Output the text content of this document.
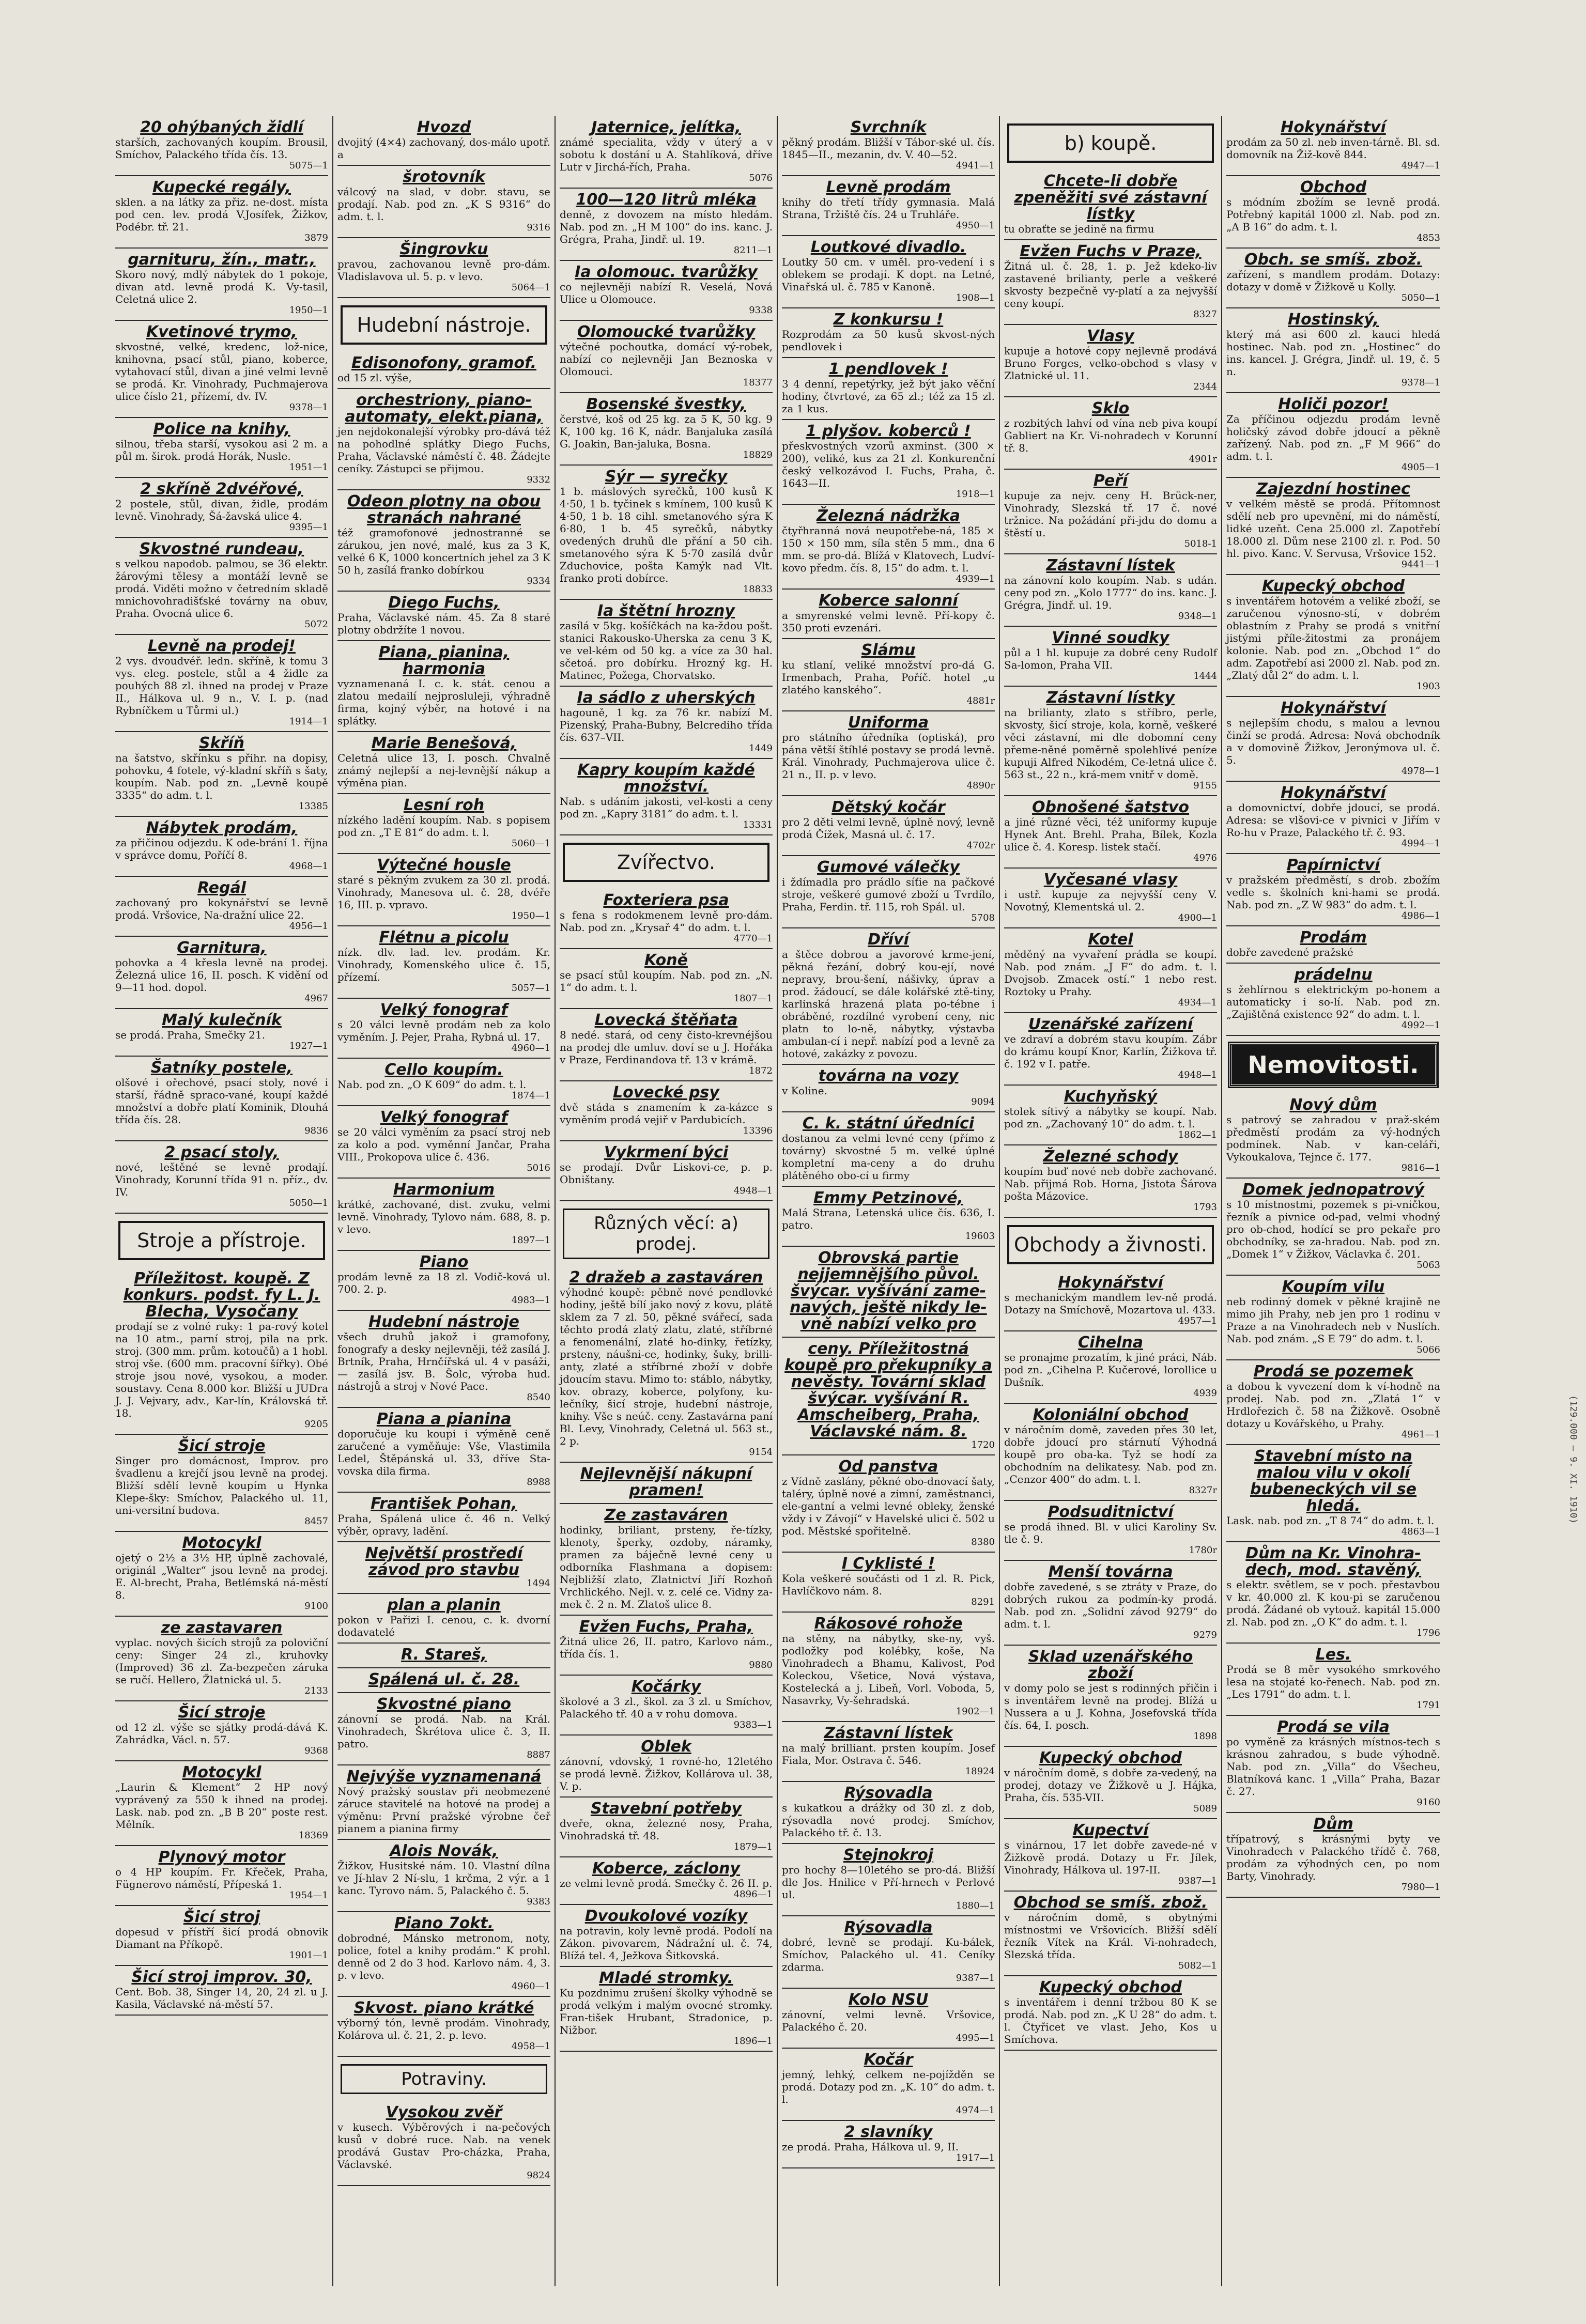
20 ohýbaných židlí
starších, zachovaných koupím. Brousil, Smíchov, Palackého třída čís. 13.
5075—1
Kupecké regály,
sklen. a na látky za přiz. ne-dost. místa pod cen. lev. prodá V.Josífek, Žižkov, Podébr. tř. 21.
3879
garnituru, žín., matr.,
Skoro nový, mdlý nábytek do 1 pokoje, divan atd. levně prodá K. Vy-tasil, Celetná ulice 2.
1950—1
Kvetinové trymo,
skvostné, velké, kredenc, lož-nice, knihovna, psací stůl, piano, koberce, vytahovací stůl, divan a jiné velmi levně se prodá. Kr. Vinohrady, Puchmajerova ulice číslo 21, přízemí, dv. IV.
9378—1
Police na knihy,
silnou, třeba starší, vysokou asi 2 m. a půl m. širok. prodá Horák, Nusle.
1951—1
2 skříně 2dvéřové,
2 postele, stůl, divan, židle, prodám levně. Vinohrady, Šá-žavská ulice 4.
9395—1
Skvostné rundeau,
s velkou napodob. palmou, se 36 elektr. žárovými tělesy a montáží levně se prodá. Viděti možno v četredním skladě mnichovohradišťské továrny na obuv, Praha. Ovocná ulice 6.
5072
Levně na prodej!
2 vys. dvoudvéř. ledn. skříně, k tomu 3 vys. eleg. postele, stůl a 4 židle za pouhých 88 zl. ihned na prodej v Praze II., Hálkova ul. 9 n., V. I. p. (nad Rybníčkem u Tůrmi ul.)
1914—1
Skříň
na šatstvo, skřínku s přihr. na dopisy, pohovku, 4 fotele, vý-kladní skříň s šaty, koupím. Nab. pod zn. „Levně koupě 3335“ do adm. t. l.
13385
Nábytek prodám,
za přičinou odjezdu. K ode-brání 1. října v správce domu, Poříčí 8.
4968—1
Regál
zachovaný pro kokynářství se levně prodá. Vršovice, Na-dražní ulice 22.
4956—1
Garnitura,
pohovka a 4 křesla levně na prodej. Železná ulice 16, II. posch. K vidění od 9—11 hod. dopol.
4967
Malý kulečník
se prodá. Praha, Smečky 21.
1927—1
Šatníky postele,
olšové i ořechové, psací stoly, nové i starší, řádně spraco-vané, koupí každé množství a dobře platí Kominik, Dlouhá třída čís. 28.
9836
2 psací stoly,
nové, leštěné se levně prodají. Vinohrady, Korunní třída 91 n. příz., dv. IV.
5050—1
Stroje a přístroje.
Příležitost. koupě. Z konkurs. podst. fy L. J. Blecha, Vysočany
prodají se z volné ruky: 1 pa-rový kotel na 10 atm., parní stroj, pila na prk. stroj. (300 mm. prům. kotoučů) a 1 hobl. stroj vše. (600 mm. pracovní šířky). Obé stroje jsou nové, vysokou, a moder. soustavy. Cena 8.000 kor. Bližší u JUDra J. J. Vejvary, adv., Kar-lín, Královská tř. 18.
9205
Šicí stroje
Singer pro domácnost, Improv. pro švadlenu a krejčí jsou levně na prodej. Bližší sdělí levně koupím u Hynka Klepe-šky: Smíchov, Palackého ul. 11, uni-versitní budova.
8457
Motocykl
ojetý o 2½ a 3½ HP, úplně zachovalé, originál „Walter“ jsou levně na prodej. E. Al-brecht, Praha, Betlémská ná-městí 8.
9100
ze zastavaren
vyplac. nových šicích strojů za poloviční ceny: Singer 24 zl., kruhovky (Improved) 36 zl. Za-bezpečen záruka se ručí. Hellero, Žlatnická ul. 5.
2133
Šicí stroje
od 12 zl. výše se sjátky prodá-dává K. Zahrádka, Václ. n. 57.
9368
Motocykl
„Laurin & Klement“ 2 HP nový vyprávený za 550 k ihned na prodej. Lask. nab. pod zn. „B B 20“ poste rest. Mělník.
18369
Plynový motor
o 4 HP koupím. Fr. Křeček, Praha, Fügnerovo náměstí, Přípeská 1.
1954—1
Šicí stroj
dopesud v přístří šicí prodá obnovik Diamant na Příkopě.
1901—1
Šicí stroj improv. 30,
Cent. Bob. 38, Singer 14, 20, 24 zl. u J. Kasila, Václavské ná-městí 57.
Hvozd
dvojitý (4×4) zachovaný, dos-málo upotř. a
šrotovník
válcový na slad, v dobr. stavu, se prodají. Nab. pod zn. „K S 9316“ do adm. t. l.
9316
Šingrovku
pravou, zachovanou levně pro-dám. Vladislavova ul. 5. p. v levo.
5064—1
Hudební nástroje.
Edisonofony, gramof.
od 15 zl. výše,
orchestriony, piano-automaty, elekt.piana,
jen nejdokonalejší výrobky pro-dává též na pohodlné splátky Diego Fuchs, Praha, Václavské náměstí č. 48. Žádejte ceníky. Zástupci se přijmou.
9332
Odeon plotny na obou stranách nahrané
též gramofonové jednostranné se zárukou, jen nové, malé, kus za 3 K, velké 6 K, 1000 koncertních jehel za 3 K 50 h, zasílá franko dobírkou
9334
Diego Fuchs,
Praha, Václavské nám. 45. Za 8 staré plotny obdržíte 1 novou.
Piana, pianina, harmonia
vyznamenaná I. c. k. stát. cenou a zlatou medailí nejprosluleji, výhradně firma, kojný výběr, na hotové i na splátky.
Marie Benešová,
Celetná ulice 13, I. posch. Chvalně známý nejlepší a nej-levnější nákup a výměna pian.
Lesní roh
nízkého ladění koupím. Nab. s popisem pod zn. „T E 81“ do adm. t. l.
5060—1
Výtečné housle
staré s pěkným zvukem za 30 zl. prodá. Vinohrady, Manesova ul. č. 28, dvéře 16, III. p. vpravo.
1950—1
Flétnu a picolu
nízk. dlv. lad. lev. prodám. Kr. Vinohrady, Komenského ulice č. 15, přízemí.
5057—1
Velký fonograf
s 20 válci levně prodám neb za kolo vyměním. J. Pejer, Praha, Rybná ul. 17.
4960—1
Cello koupím.
Nab. pod zn. „O K 609“ do adm. t. l.
1874—1
Velký fonograf
se 20 válci vyměním za psací stroj neb za kolo a pod. vyměnní Jančar, Praha VIII., Prokopova ulice č. 436.
5016
Harmonium
krátké, zachované, dist. zvuku, velmi levně. Vinohrady, Tylovo nám. 688, 8. p. v levo.
1897—1
Piano
prodám levně za 18 zl. Vodič-ková ul. 700. 2. p.
4983—1
Hudební nástroje
všech druhů jakož i gramofony, fonografy a desky nejlevněji, též zasílá J. Brtník, Praha, Hrnčířská ul. 4 v pasáži, — zasílá jsv. B. Šolc, výroba hud. nástrojů a stroj v Nové Pace.
8540
Piana a pianina
doporučuje ku koupi i výměně ceně zaručené a vyměňuje: Vše, Vlastimila Ledel, Štěpánská ul. 33, dříve Sta-vovska dila firma.
8988
František Pohan,
Praha, Spálená ulice č. 46 n. Velký výběr, opravy, ladění.
Největší prostředí závod pro stavbu
1494
plan a planin
pokon v Pařizi I. cenou, c. k. dvorní dodavatelé
R. Stareš,
Spálená ul. č. 28.
Skvostné piano
zánovní se prodá. Nab. na Král. Vinohradech, Škrétova ulice č. 3, II. patro.
8887
Nejvýše vyznamenaná
Nový pražský soustav při neobmezené záruce stavitelé na hotové na prodej a výměnu: První pražské výrobne čeř pianem a pianina firmy
Alois Novák,
Žižkov, Husitské nám. 10. Vlastní dílna ve Jí-hlav 2 Ní-slu, 1 krčma, 2 výr. a 1 kanc. Tyrovo nám. 5, Palackého č. 5.
9383
Piano 7okt.
dobrodné, Mánsko metronom, noty, police, fotel a knihy prodám.“ K prohl. denně od 2 do 3 hod. Karlovo nám. 4, 3. p. v levo.
4960—1
Skvost. piano krátké
výborný tón, levně prodám. Vinohrady, Kolárova ul. č. 21, 2. p. levo.
4958—1
Potraviny.
Vysokou zvěř
v kusech. Výběrových i na-pečových kusů v dobré ruce. Nab. na venek prodává Gustav Pro-cházka, Praha, Václavské.
9824
Jaternice, jelítka,
známé specialita, vždy v úterý a v sobotu k dostání u A. Stahlíková, dříve Lutr v Jirchá-řích, Praha.
5076
100—120 litrů mléka
denně, z dovozem na místo hledám. Nab. pod zn. „H M 100“ do ins. kanc. J. Grégra, Praha, Jindř. ul. 19.
8211—1
Ia olomouc. tvarůžky
co nejlevněji nabízí R. Veselá, Nová Ulice u Olomouce.
9338
Olomoucké tvarůžky
výtečné pochoutka, domácí vý-robek, nabízí co nejlevněji Jan Beznoska v Olomouci.
18377
Bosenské švestky,
čerstvé, koš od 25 kg. za 5 K, 50 kg. 9 K, 100 kg. 16 K, nádr. Banjaluka zasílá G. Joakin, Ban-jaluka, Bosna.
18829
Sýr — syrečky
1 b. máslových syrečků, 100 kusů K 4·50, 1 b. tyčinek s kmínem, 100 kusů K 4·50, 1 b. 18 cihl. smetanového sýra K 6·80, 1 b. 45 syrečků, nábytky ovedených druhů dle přání a 50 cih. smetanového sýra K 5·70 zasílá dvůr Zduchovice, pošta Kamýk nad Vlt. franko proti dobírce.
18833
Ia štětní hrozny
zasílá v 5kg. košíčkách na ka-ždou pošt. stanici Rakousko-Uherska za cenu 3 K, ve vel-kém od 50 kg. a více za 30 hal. sčetoá. pro dobírku. Hrozný kg. H. Matinec, Požega, Chorvatsko.
Ia sádlo z uherských
hagouně, 1 kg. za 76 kr. nabízí M. Pizenský, Praha-Bubny, Belcrediho třída čís. 637–VII.
1449
Kapry koupím každé množství.
Nab. s udáním jakosti, vel-kosti a ceny pod zn. „Kapry 3181“ do adm. t. l.
13331
Zvířectvo.
Foxteriera psa
s fena s rodokmenem levně pro-dám. Nab. pod zn. „Krysař 4“ do adm. t. l.
4770—1
Koně
se psací stůl koupím. Nab. pod zn. „N. 1“ do adm. t. l.
1807—1
Lovecká štěňata
8 nedé. stará, od ceny čisto-krevnéjšou na prodej dle umluv. doví se u J. Hořáka v Praze, Ferdinandova tř. 13 v krámě.
1872
Lovecké psy
dvě stáda s znamením k za-kázce s vyměním prodá vejiř v Pardubicích.
13396
Vykrmení býci
se prodají. Dvůr Liskovi-ce, p. p. Obništany.
4948—1
Různých věcí: a) prodej.
2 dražeb a zastaváren
výhodné koupě: pěbně nové pendlovké hodiny, ještě bílí jako nový z kovu, plátě sklem za 7 zl. 50, pěkné svářecí, sada těchto prodá zlatý zlatu, zlaté, stříbrné a fenomenální, zlaté ho-dinky, řetízky, prsteny, náušni-ce, hodinky, šuky, brilli-anty, zlaté a stříbrné zboží v dobře jdoucím stavu. Mimo to: stáblo, nábytky, kov. obrazy, koberce, polyfony, ku-lečníky, šicí stroje, hudební nástroje, knihy. Vše s neúč. ceny. Zastavárna paní Bl. Levy, Vinohrady, Celetná ul. 563 st., 2 p.
9154
Nejlevnější nákupní pramen!
Ze zastaváren
hodinky, briliant, prsteny, ře-tízky, klenoty, šperky, ozdoby, náramky, pramen za báječně levné ceny u odborníka Flashmana a dopisem: Nejbližší zlato, Zlatnictví Jiří Rozhoň Vrchlického. Nejl. v. z. celé ce. Vidny za-mek č. 2 n. M. Zlatoš ulice 8.
Evžen Fuchs, Praha,
Žitná ulice 26, II. patro, Karlovo nám., třída čís. 1.
9880
Kočárky
školové a 3 zl., škol. za 3 zl. u Smíchov, Palackého tř. 40 a v rohu domova.
9383—1
Oblek
zánovní, vdovský, 1 rovné-ho, 12letého se prodá levně. Žižkov, Kollárova ul. 38, V. p.
Stavební potřeby
dveře, okna, železné nosy, Praha, Vinohradská tř. 48.
1879—1
Koberce, záclony
ze velmi levně prodá. Smečky č. 26 II. p.
4896—1
Dvoukolové vozíky
na potravin, koly levně prodá. Podolí na Zákon. pivovarem, Nádražní ul. č. 74, Blížá tel. 4, Ježkova Šitkovská.
Mladé stromky.
Ku pozdnimu zrušení školky výhodně se prodá velkým i malým ovocné stromky. Fran-tišek Hrubant, Stradonice, p. Nižbor.
1896—1
Svrchník
pěkný prodám. Bližší v Tábor-ské ul. čís. 1845—II., mezanin, dv. V. 40—52.
4941—1
Levně prodám
knihy do třetí třídy gymnasia. Malá Strana, Tržiště čís. 24 u Truhláře.
4950—1
Loutkové divadlo.
Loutky 50 cm. v uměl. pro-vedení i s oblekem se prodají. K dopt. na Letné, Vinařská ul. č. 785 v Kanoně.
1908—1
Z konkursu !
Rozprodám za 50 kusů skvost-ných pendlovek i
1 pendlovek !
3 4 denní, repetýrky, jež být jako věční hodiny, čtvrtové, za 65 zl.; též za 15 zl. za 1 kus.
1 plyšov. koberců !
přeskvostných vzorů axminst. (300 × 200), veliké, kus za 21 zl. Konkurenční český velkozávod I. Fuchs, Praha, č. 1643—II.
1918—1
Železná nádržka
čtyřhranná nová neupotřebe-ná, 185 × 150 × 150 mm, síla stěn 5 mm., dna 6 mm. se pro-dá. Blížá v Klatovech, Ludví-kovo předm. čís. 8, 15“ do adm. t. l.
4939—1
Koberce salonní
a smyrenské velmi levně. Pří-kopy č. 350 proti evzenári.
Slámu
ku stlaní, veliké množství pro-dá G. Irmenbach, Praha, Poříč. hotel „u zlatého kanského“.
4881r
Uniforma
pro státního úředníka (optiská), pro pána větší štíhlé postavy se prodá levně. Král. Vinohrady, Puchmajerova ulice č. 21 n., II. p. v levo.
4890r
Dětský kočár
pro 2 děti velmi levně, úplně nový, levně prodá Čížek, Masná ul. č. 17.
4702r
Gumové válečky
i ždímadla pro prádlo síťie na pačkové stroje, veškeré gumové zboží u Tvrdílo, Praha, Ferdin. tř. 115, roh Spál. ul.
5708
Dříví
a štěce dobrou a javorové krme-jení, pěkná řezání, dobrý kou-ejí, nové nepravy, brou-šení, nášivky, úprav a prod. žádoucí, se dále kolářské ztě-tiny, karlinská hrazená plata po-tébne i obráběné, rozdílné vyrobení ceny, nic platn to lo-ně, nábytky, výstavba ambulan-cí i nepř. nabízí pod a levně za hotové, zakázky z povozu.
továrna na vozy
v Koline.
9094
C. k. státní úředníci
dostanou za velmi levné ceny (přímo z továrny) skvostné 5 m. velké úplné kompletní ma-ceny a do druhu plátěného obo-cí u firmy
Emmy Petzinové,
Malá Strana, Letenská ulice čís. 636, I. patro.
19603
Obrovská partie nejjemnějšího půvol. švýcar. vyšívání zame-navých, ještě nikdy le-vně nabízí velko pro
ceny. Příležitostná koupě pro překupníky a nevěsty. Tovární sklad švýcar. vyšívání R. Amscheiberg, Praha, Václavské nám. 8.
1720
Od panstva
z Vídně zaslány, pěkné obo-dnovací šaty, taléry, úplně nové a zimní, zaměstnanci, ele-gantní a velmi levné obleky, ženské vždy i v Závojí“ v Havelské ulici č. 502 u pod. Městské spořitelně.
8380
I Cyklisté !
Kola veškeré součásti od 1 zl. R. Pick, Havlíčkovo nám. 8.
8291
Rákosové rohože
na stěny, na nábytky, ske-ny, vyš. podložky pod kolébky, koše, Na Vinohradech a Bhamu, Kalivost, Pod Koleckou, Všetice, Nová výstava, Kostelecká a j. Libeň, Vorl. Voboda, 5, Nasavrky, Vy-šehradská.
1902—1
Zástavní lístek
na malý brilliant. prsten koupím. Josef Fiala, Mor. Ostrava č. 546.
18924
Rýsovadla
s kukatkou a drážky od 30 zl. z dob, rýsovadla nové prodej. Smíchov, Palackého tř. č. 13.
Stejnokroj
pro hochy 8—10letého se pro-dá. Bližší dle Jos. Hnilice v Pří-hrnech v Perlové ul.
1880—1
Rýsovadla
dobré, levně se prodají. Ku-bálek, Smíchov, Palackého ul. 41. Ceníky zdarma.
9387—1
Kolo NSU
zánovní, velmi levně. Vršovice, Palackého č. 20.
4995—1
Kočár
jemný, lehký, celkem ne-pojížděn se prodá. Dotazy pod zn. „K. 10“ do adm. t. l.
4974—1
2 slavníky
ze prodá. Praha, Hálkova ul. 9, II.
1917—1
b) koupě.
Chcete-li dobře zpeněžiti své zástavní lístky
tu obraťte se jedině na firmu
Evžen Fuchs v Praze,
Žitná ul. č. 28, 1. p. Jež kdeko-liv zastavené brilianty, perle a veškeré skvosty bezpečně vy-platí a za nejvyšší ceny koupí.
8327
Vlasy
kupuje a hotové copy nejlevně prodává Bruno Forges, velko-obchod s vlasy v Zlatnické ul. 11.
2344
Sklo
z rozbitých lahví od vína neb piva koupí Gabliert na Kr. Vi-nohradech v Korunní tř. 8.
4901r
Peří
kupuje za nejv. ceny H. Brück-ner, Vinohrady, Slezská tř. 17 č. nové tržnice. Na požádání při-jdu do domu a štěstí u.
5018-1
Zástavní lístek
na zánovní kolo koupím. Nab. s udán. ceny pod zn. „Kolo 1777“ do ins. kanc. J. Grégra, Jindř. ul. 19.
9348—1
Vinné soudky
půl a 1 hl. kupuje za dobré ceny Rudolf Sa-lomon, Praha VII.
1444
Zástavní lístky
na brilianty, zlato s stříbro, perle, skvosty, šicí stroje, kola, korně, veškeré věci zástavní, mi dle dobomní ceny přeme-něné poměrně spolehlivé peníze kupuji Alfred Nikodém, Ce-letná ulice č. 563 st., 22 n., krá-mem vnitř v domě.
9155
Obnošené šatstvo
a jiné různé věci, též uniformy kupuje Hynek Ant. Brehl. Praha, Bílek, Kozla ulice č. 4. Koresp. listek stačí.
4976
Vyčesané vlasy
i ustř. kupuje za nejvyšší ceny V. Novotný, Klementská ul. 2.
4900—1
Kotel
měděný na vyvaření prádla se koupí. Nab. pod znám. „J F“ do adm. t. l. Dvojsob. Zmacek ostí.“ 1 nebo rest. Roztoky u Prahy.
4934—1
Uzenářské zařízení
ve zdraví a dobrém stavu koupím. Zábr do krámu koupí Knor, Karlín, Žižkova tř. č. 192 v I. patře.
4948—1
Kuchyňský
stolek sítivý a nábytky se koupí. Nab. pod zn. „Zachovaný 10“ do adm. t. l.
1862—1
Železné schody
koupím buď nové neb dobře zachované. Nab. přijmá Rob. Horna, Jistota Šárova pošta Mázovice.
1793
Obchody a živnosti.
Hokynářství
s mechanickým mandlem lev-ně prodá. Dotazy na Smíchově, Mozartova ul. 433.
4957—1
Cihelna
se pronajme prozatím, k jiné práci, Náb. pod zn. „Cihelna P. Kučerové, lorollice u Dušník.
4939
Koloniální obchod
v náročním domě, zaveden přes 30 let, dobře jdoucí pro stárnutí Výhodná koupě pro oba-ka. Tyž se hodí za obchodním na delikatesy. Nab. pod zn. „Cenzor 400“ do adm. t. l.
8327r
Podsuditnictví
se prodá ihned. Bl. v ulici Karoliny Sv. tle č. 9.
1780r
Menší továrna
dobře zavedené, s se ztráty v Praze, do dobrých rukou za podmín-ky prodá. Nab. pod zn. „Solidní závod 9279“ do adm. t. l.
9279
Sklad uzenářského zboží
v domy polo se jest s rodinných přičin i s inventářem levně na prodej. Blížá u Nussera a u J. Kohna, Josefovská třída čís. 64, I. posch.
1898
Kupecký obchod
v náročním domě, s dobře za-vedený, na prodej, dotazy ve Žižkově u J. Hájka, Praha, čís. 535-VII.
5089
Kupectví
s vinárnou, 17 let dobře zavede-né v Žižkově prodá. Dotazy u Fr. Jílek, Vinohrady, Hálkova ul. 197-II.
9387—1
Obchod se smíš. zbož.
v náročním domě, s obytnými místnostmi ve Vršovicích. Bližší sdělí řezník Vítek na Král. Vi-nohradech, Slezská třída.
5082—1
Kupecký obchod
s inventářem i denní tržbou 80 K se prodá. Nab. pod zn. „K U 28“ do adm. t. l. Čtyřicet ve vlast. Jeho, Kos u Smíchova.
Hokynářství
prodám za 50 zl. neb inven-tárně. Bl. sd. domovník na Žiž-kově 844.
4947—1
Obchod
s módním zbožím se levně prodá. Potřebný kapitál 1000 zl. Nab. pod zn. „A B 16“ do adm. t. l.
4853
Obch. se smíš. zbož.
zařízení, s mandlem prodám. Dotazy: dotazy v domě v Žižkově u Kolly.
5050—1
Hostinský,
který má asi 600 zl. kauci hledá hostinec. Nab. pod zn. „Hostinec“ do ins. kancel. J. Grégra, Jindř. ul. 19, č. 5 n.
9378—1
Holiči pozor!
Za příčinou odjezdu prodám levně holičský závod dobře jdoucí a pěkně zařízený. Nab. pod zn. „F M 966“ do adm. t. l.
4905—1
Zajezdní hostinec
v velkém městě se prodá. Přítomnost sdělí neb pro upevnění, mi do náměstí, lidké uzeňt. Cena 25.000 zl. Zapotřebí 18.000 zl. Dům nese 2100 zl. r. Pod. 50 hl. pivo. Kanc. V. Servusa, Vršovice 152.
9441—1
Kupecký obchod
s inventářem hotovém a veliké zboží, se zaručenou výnosno-stí, v dobrém oblastním z Prahy se prodá s vnitřní jistými příle-žitostmi za pronájem kolonie. Nab. pod zn. „Obchod 1“ do adm. Zapotřebí asi 2000 zl. Nab. pod zn. „Zlatý důl 2“ do adm. t. l.
1903
Hokynářství
s nejlepším chodu, s malou a levnou činží se prodá. Adresa: Nová obchodník a v domovině Žižkov, Jeronýmova ul. č. 5.
4978—1
Hokynářství
a domovnictví, dobře jdoucí, se prodá. Adresa: se vlšovi-ce v pivnici v Jiřím v Ro-hu v Praze, Palackého tř. č. 93.
4994—1
Papírnictví
v pražském předměstí, s drob. zbožím vedle s. školních kni-hami se prodá. Nab. pod zn. „Z W 983“ do adm. t. l.
4986—1
Prodám
dobře zavedené pražské
prádelnu
s žehlírnou s elektrickým po-honem a automaticky i so-lí. Nab. pod zn. „Zajištěná existence 92“ do adm. t. l.
4992—1
Nemovitosti.
Nový dům
s patrový se zahradou v praž-ském předměstí prodám za vý-hodných podmínek. Nab. v kan-celáři, Vykoukalova, Tejnce č. 177.
9816—1
Domek jednopatrový
s 10 místnostmi, pozemek s pi-vničkou, řezník a pivnice od-pad, velmi vhodný pro ob-chod, hodící se pro pekaře pro obchodníky, se za-hradou. Nab. pod zn. „Domek 1“ v Žižkov, Václavka č. 201.
5063
Koupím vilu
neb rodinný domek v pěkné krajině ne mimo jih Prahy, neb jen pro 1 rodinu v Praze a na Vinohradech neb v Nuslích. Nab. pod znám. „S E 79“ do adm. t. l.
5066
Prodá se pozemek
a dobou k vyvezení dom k ví-hodně na prodej. Nab. pod zn. „Zlatá 1“ v Hrdlořezich č. 58 na Žižkově. Osobně dotazy u Kovářského, u Prahy.
4961—1
Stavební místo na malou vilu v okolí bubeneckých vil se hledá.
Lask. nab. pod zn. „T 8 74“ do adm. t. l.
4863—1
Dům na Kr. Vinohra-dech, mod. stavěný,
s elektr. světlem, se v poch. přestavbou v kr. 40.000 zl. K kou-pi se zaručenou prodá. Žádané ob vytouž. kapitál 15.000 zl. Nab. pod zn. „O K“ do adm. t. l.
1796
Les.
Prodá se 8 měr vysokého smrkového lesa na stojaté ko-řenech. Nab. pod zn. „Les 1791“ do adm. t. l.
1791
Prodá se vila
po vyměně za krásných místnos-tech s krásnou zahradou, s bude výhodně. Nab. pod zn. „Villa“ do Všecheu, Blatníková kanc. 1 „Villa“ Praha, Bazar č. 27.
9160
Dům
třípatrový, s krásnými byty ve Vinohradech v Palackého třídě č. 768, prodám za výhodných cen, po nom Barty, Vinohrady.
7980—1
(129.000 — 9. XI. 1910)
